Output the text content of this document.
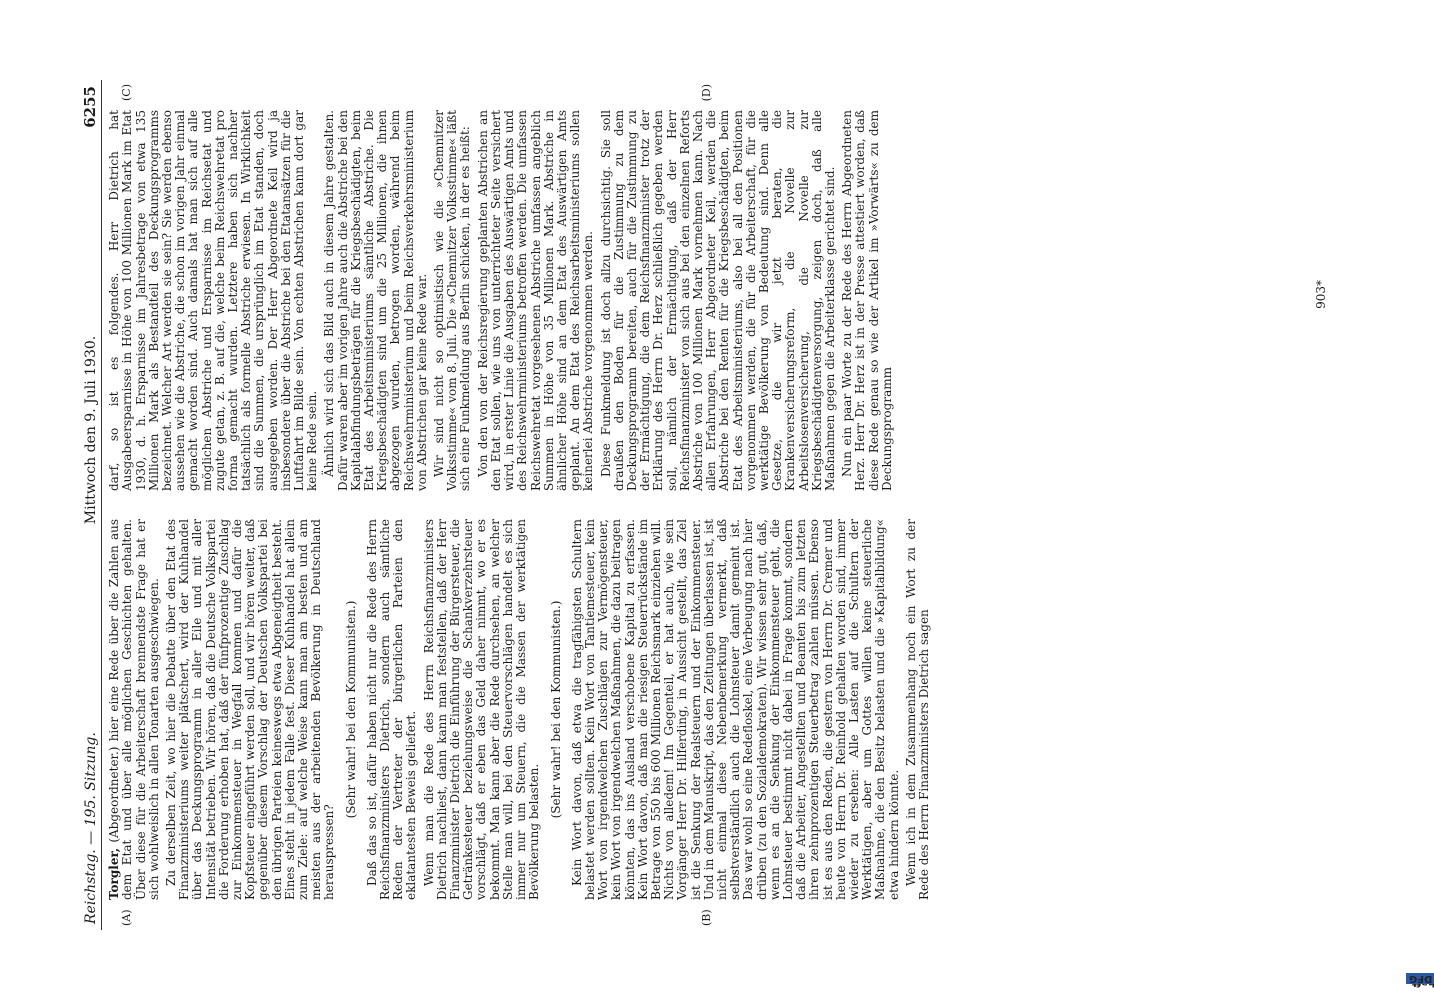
Reichstag. — 195. Sitzung.
Mittwoch den 9. Juli 1930.
6255
(A)	(B)
(C)	(D)

Torgler, (Abgeordneter.) hier eine Rede über die Zahlen aus dem Etat und über alle möglichen Geschichten gehalten. Über diese für die Arbeiterschaft brennendste Frage hat er sich wohlweislich in allen Tonarten ausgeschwiegen. Zu derselben Zeit, wo hier die Debatte über den Etat des Finanzministeriums weiter plätschert, wird der Kuhhandel über das Deckungsprogramm in aller Eile und mit aller Intensität betrieben. Wir hören, daß die Deutsche Volkspartei die Forderung erhoben hat, daß der fünfprozentige Zuschlag zur Einkommensteuer in Wegfall kommen und dafür die Kopfsteuer eingeführt werden soll, und wir hören weiter, daß gegenüber diesem Vorschlag der Deutschen Volkspartei bei den übrigen Parteien keineswegs etwa Abgeneigtheit besteht. Eines steht in jedem Falle fest. Dieser Kuhhandel hat allein zum Ziele: auf welche Weise kann man am besten und am meisten aus der arbeitenden Bevölkerung in Deutschland herauspressen?

(Sehr wahr! bei den Kommunisten.) Daß das so ist, dafür haben nicht nur die Rede des Herrn Reichsfinanzministers Dietrich, sondern auch sämtliche Reden der Vertreter der bürgerlichen Parteien den eklatantesten Beweis geliefert. Wenn man die Rede des Herrn Reichsfinanzministers Dietrich nachliest, dann kann man feststellen, daß der Herr Finanzminister Dietrich die Einführung der Bürgersteuer, die Getränkesteuer beziehungsweise die Schankverzehrsteuer vorschlägt, daß er eben das Geld daher nimmt, wo er es bekommt. Man kann aber die Rede durchsehen, an welcher Stelle man will, bei den Steuervorschlägen handelt es sich immer nur um Steuern, die die Massen der werktätigen Bevölkerung belasten.

(Sehr wahr! bei den Kommunisten.) Kein Wort davon, daß etwa die tragfähigsten Schultern belastet werden sollten. Kein Wort von Tantiemesteuer, kein Wort von irgendwelchen Zuschlägen zur Vermögensteuer, kein Wort von irgendwelchen Maßnahmen, die dazu beitragen könnten, das ins Ausland verschobene Kapital zu erfassen. Kein Wort davon, daß man die riesigen Steuerrückstände im Betrage von 550 bis 600 Millionen Reichsmark einziehen will. Nichts von alledem! Im Gegenteil, er hat auch, wie sein Vorgänger Herr Dr. Hilferding, in Aussicht gestellt, das Ziel ist die Senkung der Realsteuern und der Einkommensteuer. Und in dem Manuskript, das den Zeitungen überlassen ist, ist nicht einmal diese Nebenbemerkung vermerkt, daß selbstverständlich auch die Lohnsteuer damit gemeint ist. Das war wohl so eine Redefloskel, eine Verbeugung nach hier drüben (zu den Sozialdemokraten). Wir wissen sehr gut, daß, wenn es an die Senkung der Einkommensteuer geht, die Lohnsteuer bestimmt nicht dabei in Frage kommt, sondern daß die Arbeiter, Angestellten und Beamten bis zum letzten ihren zehnprozentigen Steuerbetrag zahlen müssen. Ebenso ist es aus den Reden, die gestern von Herrn Dr. Cremer und heute von Herrn Dr. Reinhold gehalten worden sind, immer wieder zu ersehen: Alle Lasten auf die Schultern der Werktätigen, aber um Gottes willen keine steuerliche Maßnahme, die den Besitz belasten und die »Kapitalbildung« etwa hindern könnte. Wenn ich in dem Zusammenhang noch ein Wort zu der Rede des Herrn Finanzministers Dietrich sagen

darf, so ist es folgendes. Herr Dietrich hat Ausgabeersparnisse in Höhe von 100 Millionen Mark im Etat 1930, d. h. Ersparnisse im Jahresbetrage von etwa 135 Millionen Mark als Bestandteil des Deckungsprogramms bezeichnet. Welcher Art werden sie sein? Sie werden ebenso aussehen wie die Abstriche, die schon im vorigen Jahr einmal gemacht worden sind. Auch damals hat man sich auf alle möglichen Abstriche und Ersparnisse im Reichsetat und zugute getan, z. B. auf die, welche beim Reichswehretat pro forma gemacht wurden. Letztere haben sich nachher tatsächlich als formelle Abstriche erwiesen. In Wirklichkeit sind die Summen, die ursprünglich im Etat standen, doch ausgegeben worden. Der Herr Abgeordnete Keil wird ja insbesondere über die Abstriche bei den Etatansätzen für die Luftfahrt im Bilde sein. Von echten Abstrichen kann dort gar keine Rede sein. Ähnlich wird sich das Bild auch in diesem Jahre gestalten. Dafür waren aber im vorigen Jahre auch die Abstriche bei den Kapitalabfindungsbeträgen für die Kriegsbeschädigten, beim Etat des Arbeitsministeriums sämtliche Abstriche. Die Kriegsbeschädigten sind um die 25 Millionen, die ihnen abgezogen wurden, betrogen worden, während beim Reichswehrministerium und beim Reichsverkehrsministerium von Abstrichen gar keine Rede war. Wir sind nicht so optimistisch wie die »Chemnitzer Volksstimme« vom 8. Juli. Die »Chemnitzer Volksstimme« läßt sich eine Funkmeldung aus Berlin schicken, in der es heißt: Von den von der Reichsregierung geplanten Abstrichen an den Etat sollen, wie uns von unterrichteter Seite versichert wird, in erster Linie die Ausgaben des Auswärtigen Amts und des Reichswehrministeriums betroffen werden. Die umfassen Reichswehretat vorgesehenen Abstriche umfassen angeblich Summen in Höhe von 35 Millionen Mark. Abstriche in ähnlicher Höhe sind an dem Etat des Auswärtigen Amts geplant. An dem Etat des Reichsarbeitsministeriums sollen keinerlei Abstriche vorgenommen werden. Diese Funkmeldung ist doch allzu durchsichtig. Sie soll draußen den Boden für die Zustimmung zu dem Deckungsprogramm bereiten, auch für die Zustimmung zu der Ermächtigung, die dem Reichsfinanzminister trotz der Erklärung des Herrn Dr. Herz schließlich gegeben werden soll, nämlich der Ermächtigung, daß der Herr Reichsfinanzminister von sich aus bei den einzelnen Reforts Abstriche von 100 Millionen Mark vornehmen kann. Nach allen Erfahrungen, Herr Abgeordneter Keil, werden die Abstriche bei den Renten für die Kriegsbeschädigten, beim Etat des Arbeitsministeriums, also bei all den Positionen vorgenommen werden, die für die Arbeiterschaft, für die werktätige Bevölkerung von Bedeutung sind. Denn alle Gesetze, die wir jetzt beraten, die Krankenversicherungsreform, die Novelle zur Arbeitslosenversicherung, die Novelle zur Kriegsbeschädigtenversorgung, zeigen doch, daß alle Maßnahmen gegen die Arbeiterklasse gerichtet sind. Nun ein paar Worte zu der Rede des Herrn Abgeordneten Herz. Herr Dr. Herz ist in der Presse attestiert worden, daß diese Rede genau so wie der Artikel im »Vorwärts« zu dem Deckungsprogramm

903*
DFG
